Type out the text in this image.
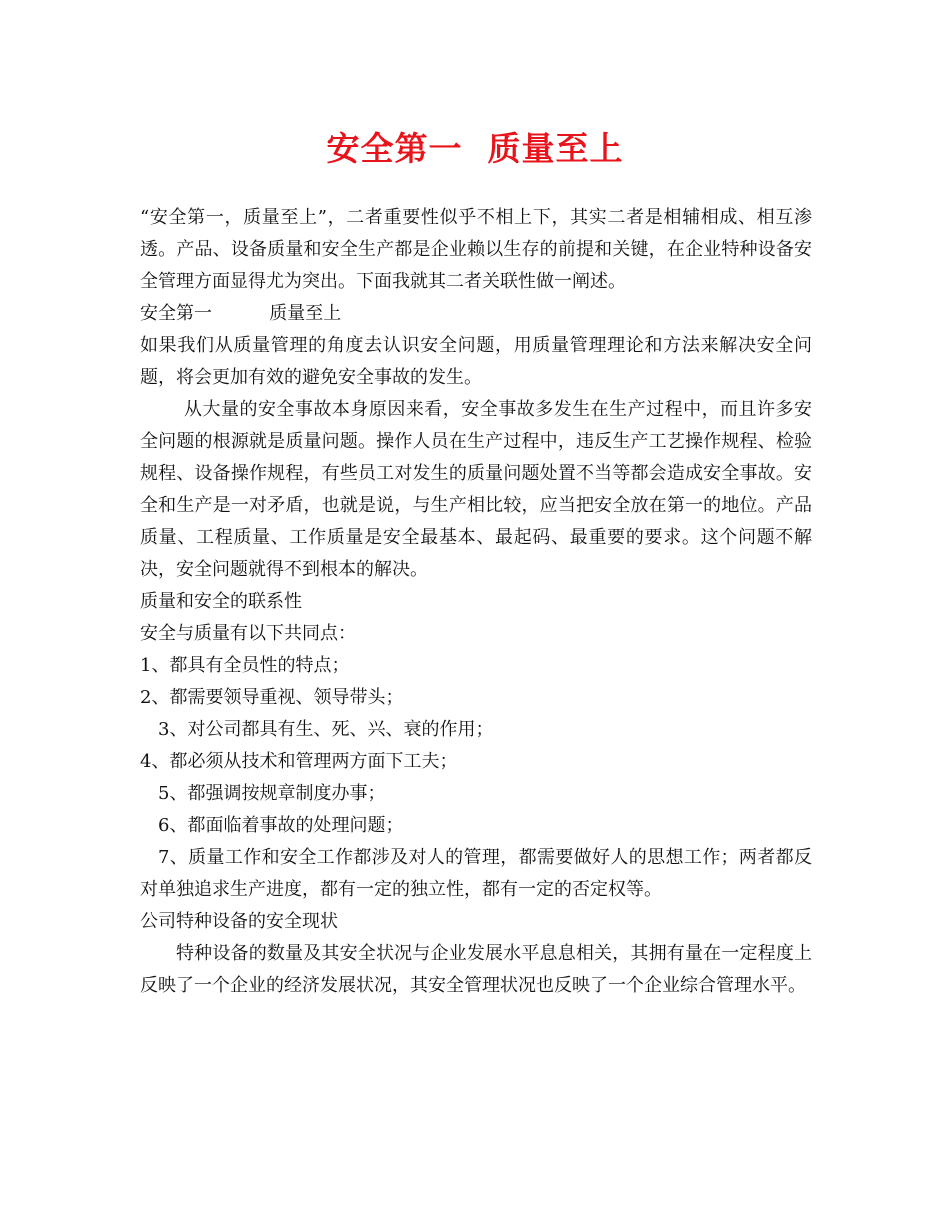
安全第一  质量至上

“安全第一，质量至上”，二者重要性似乎不相上下，其实二者是相辅相成、相互渗透。产品、设备质量和安全生产都是企业赖以生存的前提和关键，在企业特种设备安全管理方面显得尤为突出。下面我就其二者关联性做一阐述。

安全第一          质量至上

如果我们从质量管理的角度去认识安全问题，用质量管理理论和方法来解决安全问题，将会更加有效的避免安全事故的发生。

从大量的安全事故本身原因来看，安全事故多发生在生产过程中，而且许多安全问题的根源就是质量问题。操作人员在生产过程中，违反生产工艺操作规程、检验规程、设备操作规程，有些员工对发生的质量问题处置不当等都会造成安全事故。安全和生产是一对矛盾，也就是说，与生产相比较，应当把安全放在第一的地位。产品质量、工程质量、工作质量是安全最基本、最起码、最重要的要求。这个问题不解决，安全问题就得不到根本的解决。

质量和安全的联系性

安全与质量有以下共同点：

1、都具有全员性的特点；

2、都需要领导重视、领导带头；

3、对公司都具有生、死、兴、衰的作用；

4、都必须从技术和管理两方面下工夫；

5、都强调按规章制度办事；

6、都面临着事故的处理问题；

7、质量工作和安全工作都涉及对人的管理，都需要做好人的思想工作；两者都反对单独追求生产进度，都有一定的独立性，都有一定的否定权等。

公司特种设备的安全现状

特种设备的数量及其安全状况与企业发展水平息息相关，其拥有量在一定程度上反映了一个企业的经济发展状况，其安全管理状况也反映了一个企业综合管理水平。
